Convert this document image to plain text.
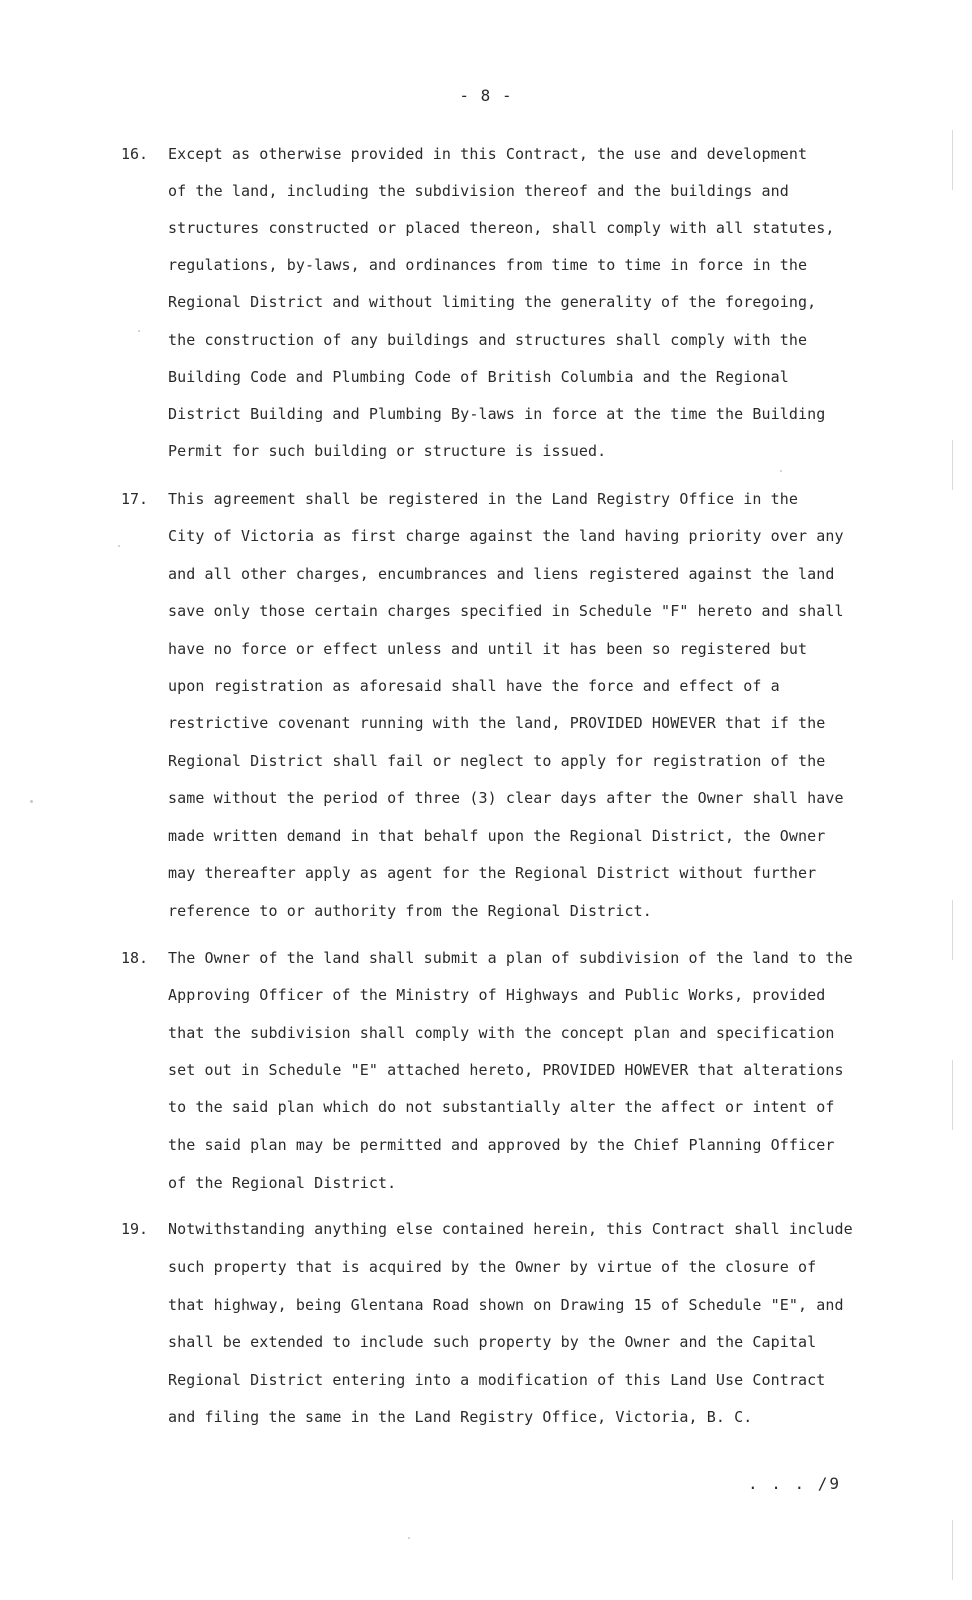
- 8 -
16. Except as otherwise provided in this Contract, the use and development
of the land, including the subdivision thereof and the buildings and
structures constructed or placed thereon, shall comply with all statutes,
regulations, by-laws, and ordinances from time to time in force in the
Regional District and without limiting the generality of the foregoing,
the construction of any buildings and structures shall comply with the
Building Code and Plumbing Code of British Columbia and the Regional
District Building and Plumbing By-laws in force at the time the Building
Permit for such building or structure is issued.
17. This agreement shall be registered in the Land Registry Office in the
City of Victoria as first charge against the land having priority over any
and all other charges, encumbrances and liens registered against the land
save only those certain charges specified in Schedule "F" hereto and shall
have no force or effect unless and until it has been so registered but
upon registration as aforesaid shall have the force and effect of a
restrictive covenant running with the land, PROVIDED HOWEVER that if the
Regional District shall fail or neglect to apply for registration of the
same without the period of three (3) clear days after the Owner shall have
made written demand in that behalf upon the Regional District, the Owner
may thereafter apply as agent for the Regional District without further
reference to or authority from the Regional District.
18. The Owner of the land shall submit a plan of subdivision of the land to the
Approving Officer of the Ministry of Highways and Public Works, provided
that the subdivision shall comply with the concept plan and specification
set out in Schedule "E" attached hereto, PROVIDED HOWEVER that alterations
to the said plan which do not substantially alter the affect or intent of
the said plan may be permitted and approved by the Chief Planning Officer
of the Regional District.
19. Notwithstanding anything else contained herein, this Contract shall include
such property that is acquired by the Owner by virtue of the closure of
that highway, being Glentana Road shown on Drawing 15 of Schedule "E", and
shall be extended to include such property by the Owner and the Capital
Regional District entering into a modification of this Land Use Contract
and filing the same in the Land Registry Office, Victoria, B. C.
. . . /9
